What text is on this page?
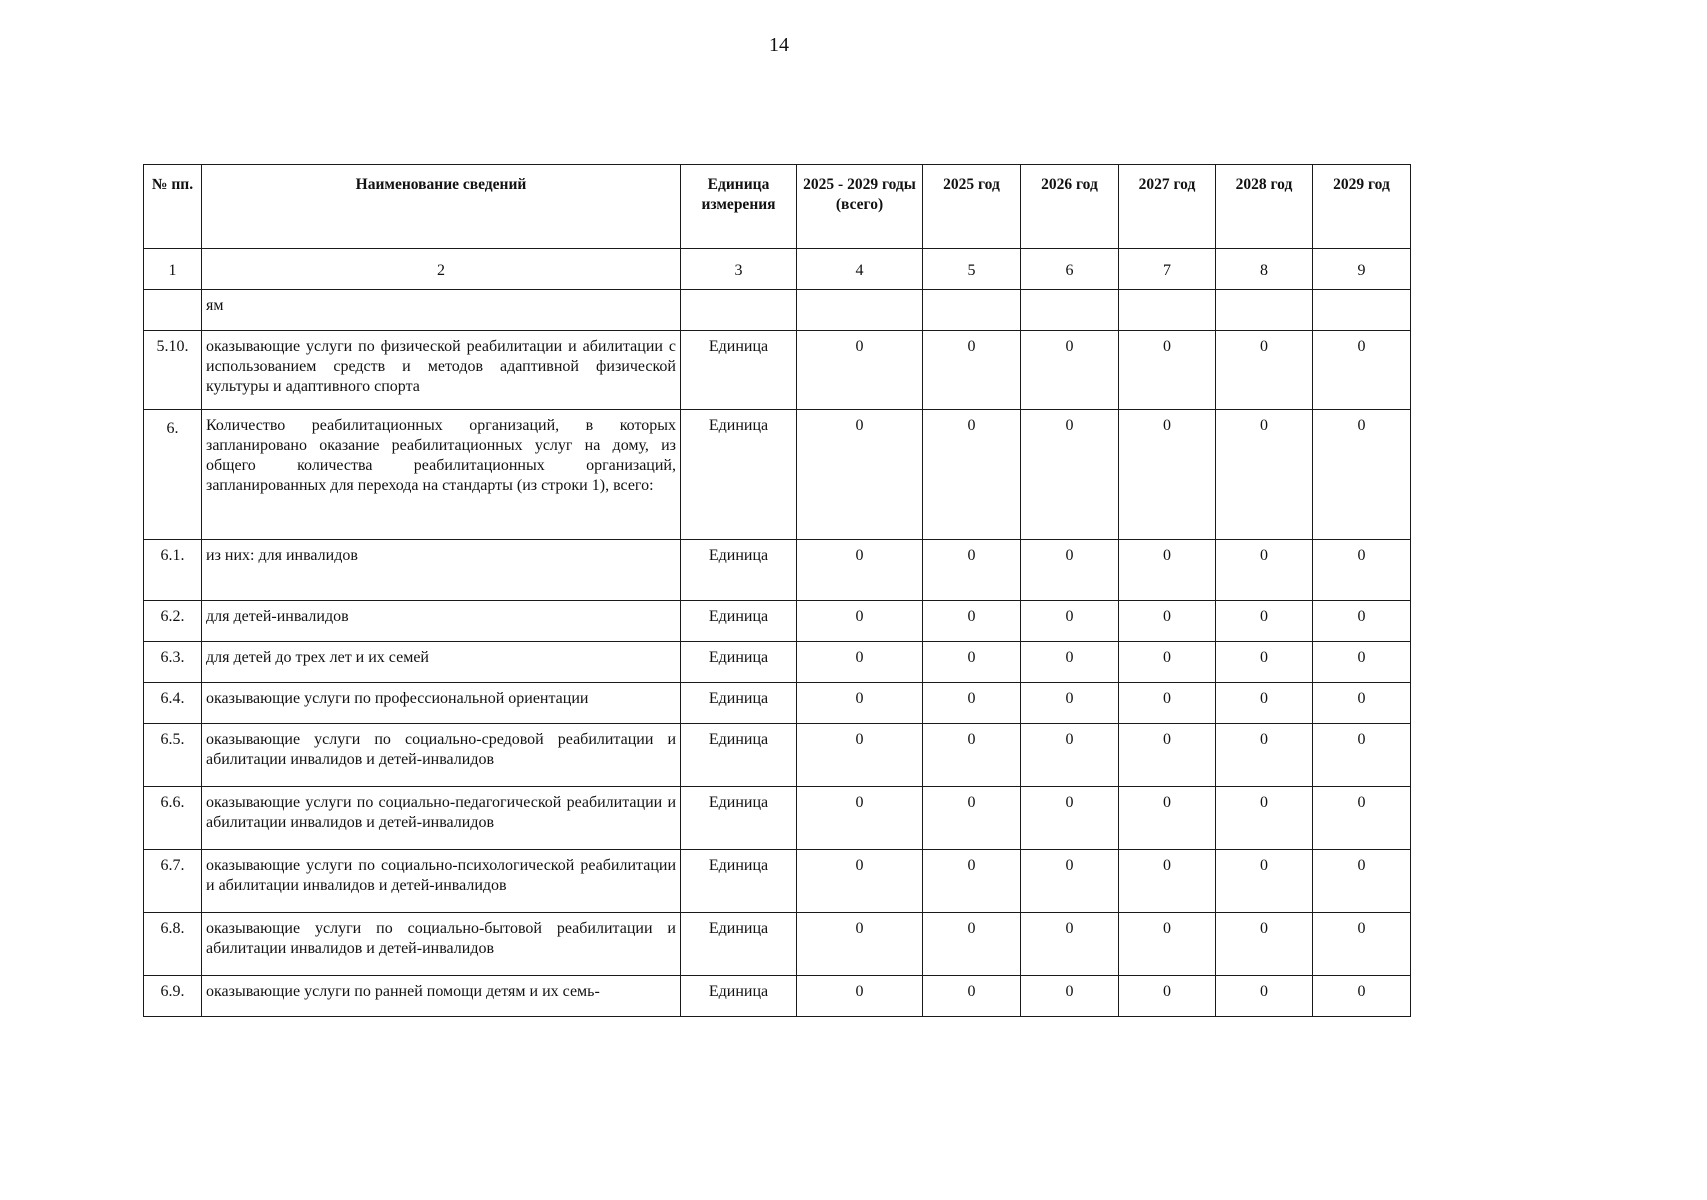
14
№ пп.	Наименование сведений	Единица измерения	2025 - 2029 годы (всего)	2025 год	2026 год	2027 год	2028 год	2029 год
1	2	3	4	5	6	7	8	9
	ям							
5.10.	оказывающие услуги по физической реабилитации и абилитации с использованием средств и методов адаптивной физической культуры и адаптивного спорта	Единица	0	0	0	0	0	0
6.	Количество реабилитационных организаций, в которых запланировано оказание реабилитационных услуг на дому, из общего количества реабилитационных организаций, запланированных для перехода на стандарты (из строки 1), всего:	Единица	0	0	0	0	0	0
6.1.	из них: для инвалидов	Единица	0	0	0	0	0	0
6.2.	для детей-инвалидов	Единица	0	0	0	0	0	0
6.3.	для детей до трех лет и их семей	Единица	0	0	0	0	0	0
6.4.	оказывающие услуги по профессиональной ориентации	Единица	0	0	0	0	0	0
6.5.	оказывающие услуги по социально-средовой реабилитации и абилитации инвалидов и детей-инвалидов	Единица	0	0	0	0	0	0
6.6.	оказывающие услуги по социально-педагогической реабилитации и абилитации инвалидов и детей-инвалидов	Единица	0	0	0	0	0	0
6.7.	оказывающие услуги по социально-психологической реабилитации и абилитации инвалидов и детей-инвалидов	Единица	0	0	0	0	0	0
6.8.	оказывающие услуги по социально-бытовой реабилитации и абилитации инвалидов и детей-инвалидов	Единица	0	0	0	0	0	0
6.9.	оказывающие услуги по ранней помощи детям и их семь-	Единица	0	0	0	0	0	0
